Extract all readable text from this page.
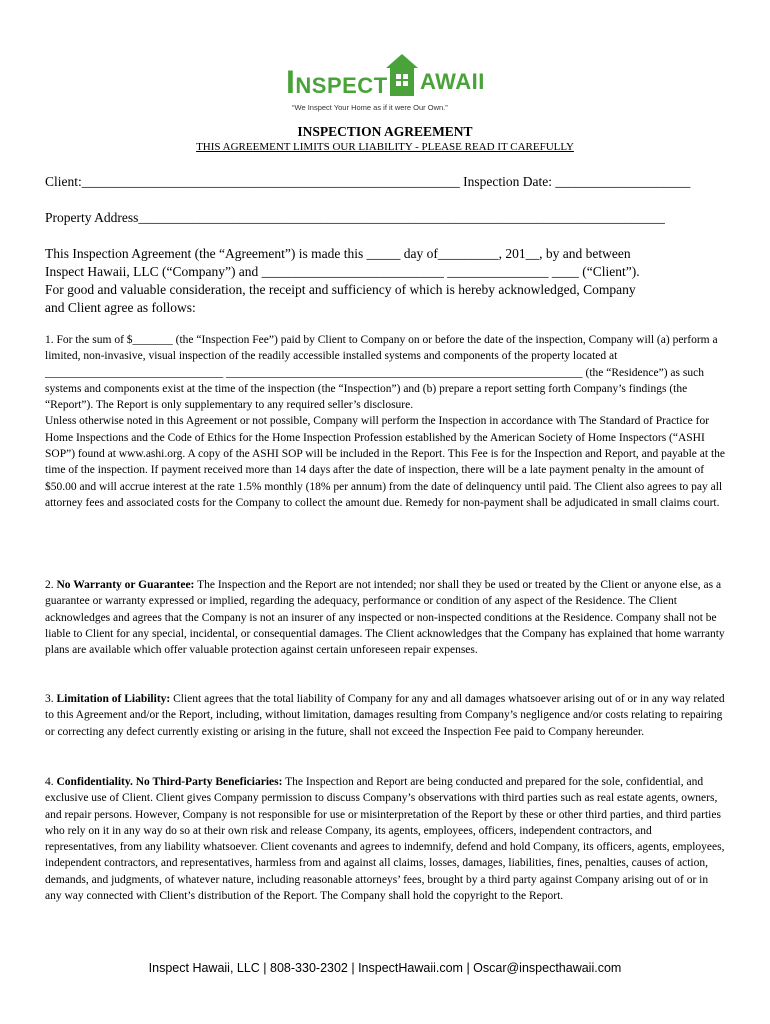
INSPECT AWAII
“We Inspect Your Home as if it were Our Own.”
INSPECTION AGREEMENT
THIS AGREEMENT LIMITS OUR LIABILITY - PLEASE READ IT CAREFULLY
Client:________________________________________________________ Inspection Date: ____________________
Property Address______________________________________________________________________________
This Inspection Agreement (the “Agreement”) is made this _____ day of_________, 201__, by and between
Inspect Hawaii, LLC (“Company”) and ___________________________ _______________ ____ (“Client”).
For good and valuable consideration, the receipt and sufficiency of which is hereby acknowledged, Company
and Client agree as follows:
1. For the sum of $_______ (the “Inspection Fee”) paid by Client to Company on or before the date of the inspection, Company will (a) perform a limited, non-invasive, visual inspection of the readily accessible installed systems and components of the property located at _______________________________ ______________________________________________________________ (the “Residence”) as such systems and components exist at the time of the inspection (the “Inspection”) and (b) prepare a report setting forth Company’s findings (the “Report”). The Report is only supplementary to any required seller’s disclosure.
Unless otherwise noted in this Agreement or not possible, Company will perform the Inspection in accordance with The Standard of Practice for Home Inspections and the Code of Ethics for the Home Inspection Profession established by the American Society of Home Inspectors (“ASHI SOP”) found at www.ashi.org. A copy of the ASHI SOP will be included in the Report. This Fee is for the Inspection and Report, and payable at the time of the inspection. If payment received more than 14 days after the date of inspection, there will be a late payment penalty in the amount of $50.00 and will accrue interest at the rate 1.5% monthly (18% per annum) from the date of delinquency until paid. The Client also agrees to pay all attorney fees and associated costs for the Company to collect the amount due. Remedy for non-payment shall be adjudicated in small claims court.
2. No Warranty or Guarantee: The Inspection and the Report are not intended; nor shall they be used or treated by the Client or anyone else, as a guarantee or warranty expressed or implied, regarding the adequacy, performance or condition of any aspect of the Residence. The Client acknowledges and agrees that the Company is not an insurer of any inspected or non-inspected conditions at the Residence. Company shall not be liable to Client for any special, incidental, or consequential damages. The Client acknowledges that the Company has explained that home warranty plans are available which offer valuable protection against certain unforeseen repair expenses.
3. Limitation of Liability: Client agrees that the total liability of Company for any and all damages whatsoever arising out of or in any way related to this Agreement and/or the Report, including, without limitation, damages resulting from Company’s negligence and/or costs relating to repairing or correcting any defect currently existing or arising in the future, shall not exceed the Inspection Fee paid to Company hereunder.
4. Confidentiality. No Third-Party Beneficiaries: The Inspection and Report are being conducted and prepared for the sole, confidential, and exclusive use of Client. Client gives Company permission to discuss Company’s observations with third parties such as real estate agents, owners, and repair persons. However, Company is not responsible for use or misinterpretation of the Report by these or other third parties, and third parties who rely on it in any way do so at their own risk and release Company, its agents, employees, officers, independent contractors, and representatives, from any liability whatsoever. Client covenants and agrees to indemnify, defend and hold Company, its officers, agents, employees, independent contractors, and representatives, harmless from and against all claims, losses, damages, liabilities, fines, penalties, causes of action, demands, and judgments, of whatever nature, including reasonable attorneys’ fees, brought by a third party against Company arising out of or in any way connected with Client’s distribution of the Report. The Company shall hold the copyright to the Report.
Inspect Hawaii, LLC | 808-330-2302 | InspectHawaii.com | Oscar@inspecthawaii.com
